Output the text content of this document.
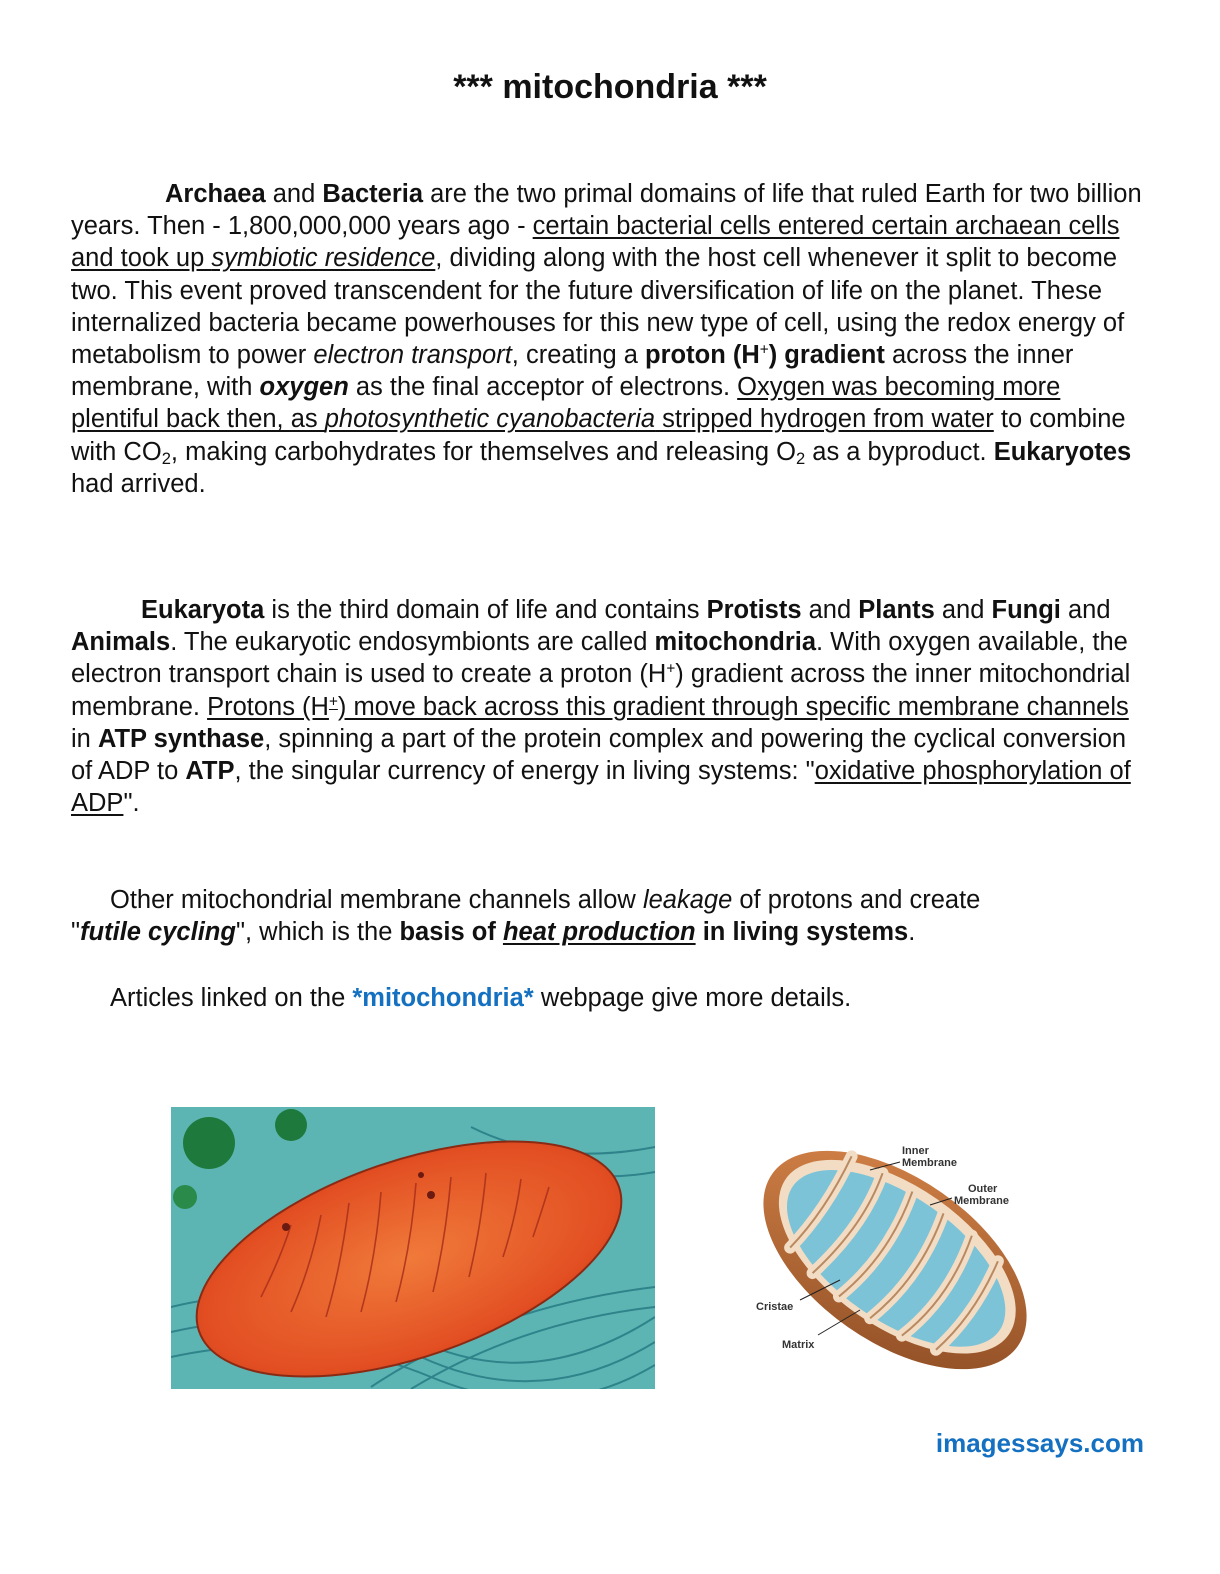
*** mitochondria ***

Archaea and Bacteria are the two primal domains of life that ruled Earth for two billion years. Then - 1,800,000,000 years ago - certain bacterial cells entered certain archaean cells and took up symbiotic residence, dividing along with the host cell whenever it split to become two. This event proved transcendent for the future diversification of life on the planet. These internalized bacteria became powerhouses for this new type of cell, using the redox energy of metabolism to power electron transport, creating a proton (H+) gradient across the inner membrane, with oxygen as the final acceptor of electrons. Oxygen was becoming more plentiful back then, as photosynthetic cyanobacteria stripped hydrogen from water to combine with $CO_2$, making carbohydrates for themselves and releasing $O_2$ as a byproduct. Eukaryotes had arrived.

Eukaryota is the third domain of life and contains Protists and Plants and Fungi and Animals. The eukaryotic endosymbionts are called mitochondria. With oxygen available, the electron transport chain is used to create a proton (H+) gradient across the inner mitochondrial membrane. Protons (H+) move back across this gradient through specific membrane channels in ATP synthase, spinning a part of the protein complex and powering the cyclical conversion of ADP to ATP, the singular currency of energy in living systems: "oxidative phosphorylation of ADP".

Other mitochondrial membrane channels allow leakage of protons and create
"futile cycling", which is the basis of heat production in living systems.

Articles linked on the *mitochondria* webpage give more details.

Inner
Membrane
Outer
Membrane
Cristae
Matrix
imagessays.com
